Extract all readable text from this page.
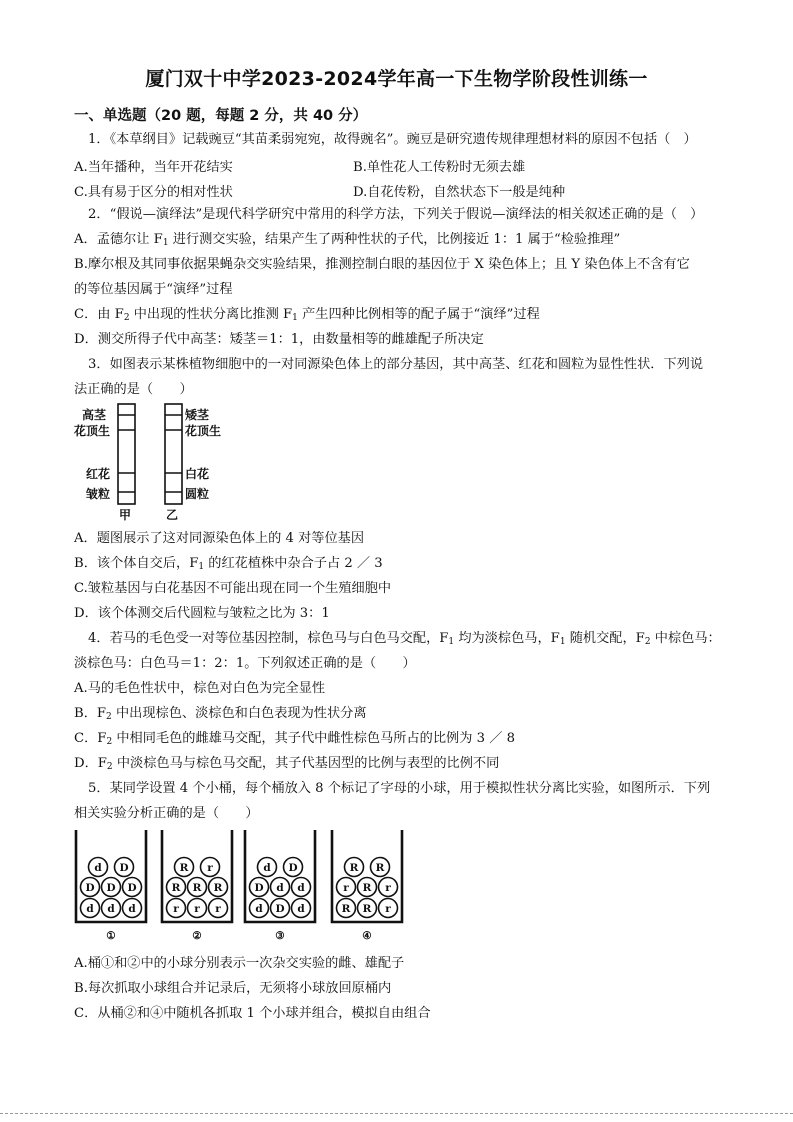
厦门双十中学2023-2024学年高一下生物学阶段性训练一
一、单选题（20 题，每题 2 分，共 40 分）
1．《本草纲目》记载豌豆“其苗柔弱宛宛，故得豌名”。豌豆是研究遗传规律理想材料的原因不包括（　）
A.当年播种，当年开花结实	B.单性花人工传粉时无须去雄
C.具有易于区分的相对性状	D.自花传粉，自然状态下一般是纯种
2．“假说—演绎法”是现代科学研究中常用的科学方法，下列关于假说—演绎法的相关叙述正确的是（　）
A．孟德尔让 $F_1$ 进行测交实验，结果产生了两种性状的子代，比例接近 1：1 属于“检验推理”
B.摩尔根及其同事依据果蝇杂交实验结果，推测控制白眼的基因位于 X 染色体上；且 Y 染色体上不含有它
的等位基因属于“演绎”过程
C．由 $F_2$ 中出现的性状分离比推测 $F_1$ 产生四种比例相等的配子属于“演绎”过程
D．测交所得子代中高茎：矮茎＝1：1，由数量相等的雌雄配子所决定
3．如图表示某株植物细胞中的一对同源染色体上的部分基因，其中高茎、红花和圆粒为显性性状．下列说
法正确的是（　　）
高茎
花顶生
红花
皱粒
甲
矮茎
花顶生
白花
圆粒
乙
A．题图展示了这对同源染色体上的 4 对等位基因
B．该个体自交后，$F_1$ 的红花植株中杂合子占 2 ／ 3
C.皱粒基因与白花基因不可能出现在同一个生殖细胞中
D．该个体测交后代圆粒与皱粒之比为 3：1
4．若马的毛色受一对等位基因控制，棕色马与白色马交配，$F_1$ 均为淡棕色马，$F_1$ 随机交配，$F_2$ 中棕色马：
淡棕色马：白色马＝1：2：1。下列叙述正确的是（　　）
A.马的毛色性状中，棕色对白色为完全显性
B．$F_2$ 中出现棕色、淡棕色和白色表现为性状分离
C．$F_2$ 中相同毛色的雌雄马交配，其子代中雌性棕色马所占的比例为 3 ／ 8
D．$F_2$ 中淡棕色马与棕色马交配，其子代基因型的比例与表型的比例不同
5．某同学设置 4 个小桶，每个桶放入 8 个标记了字母的小球，用于模拟性状分离比实验，如图所示．下列
相关实验分析正确的是（　　）
d D
D D D
d d d
①
R r
R R R
r r r
②
d D
D d d
d D d
③
R R
r R r
R R r
④
A.桶①和②中的小球分别表示一次杂交实验的雌、雄配子
B.每次抓取小球组合并记录后，无须将小球放回原桶内
C．从桶②和④中随机各抓取 1 个小球并组合，模拟自由组合
